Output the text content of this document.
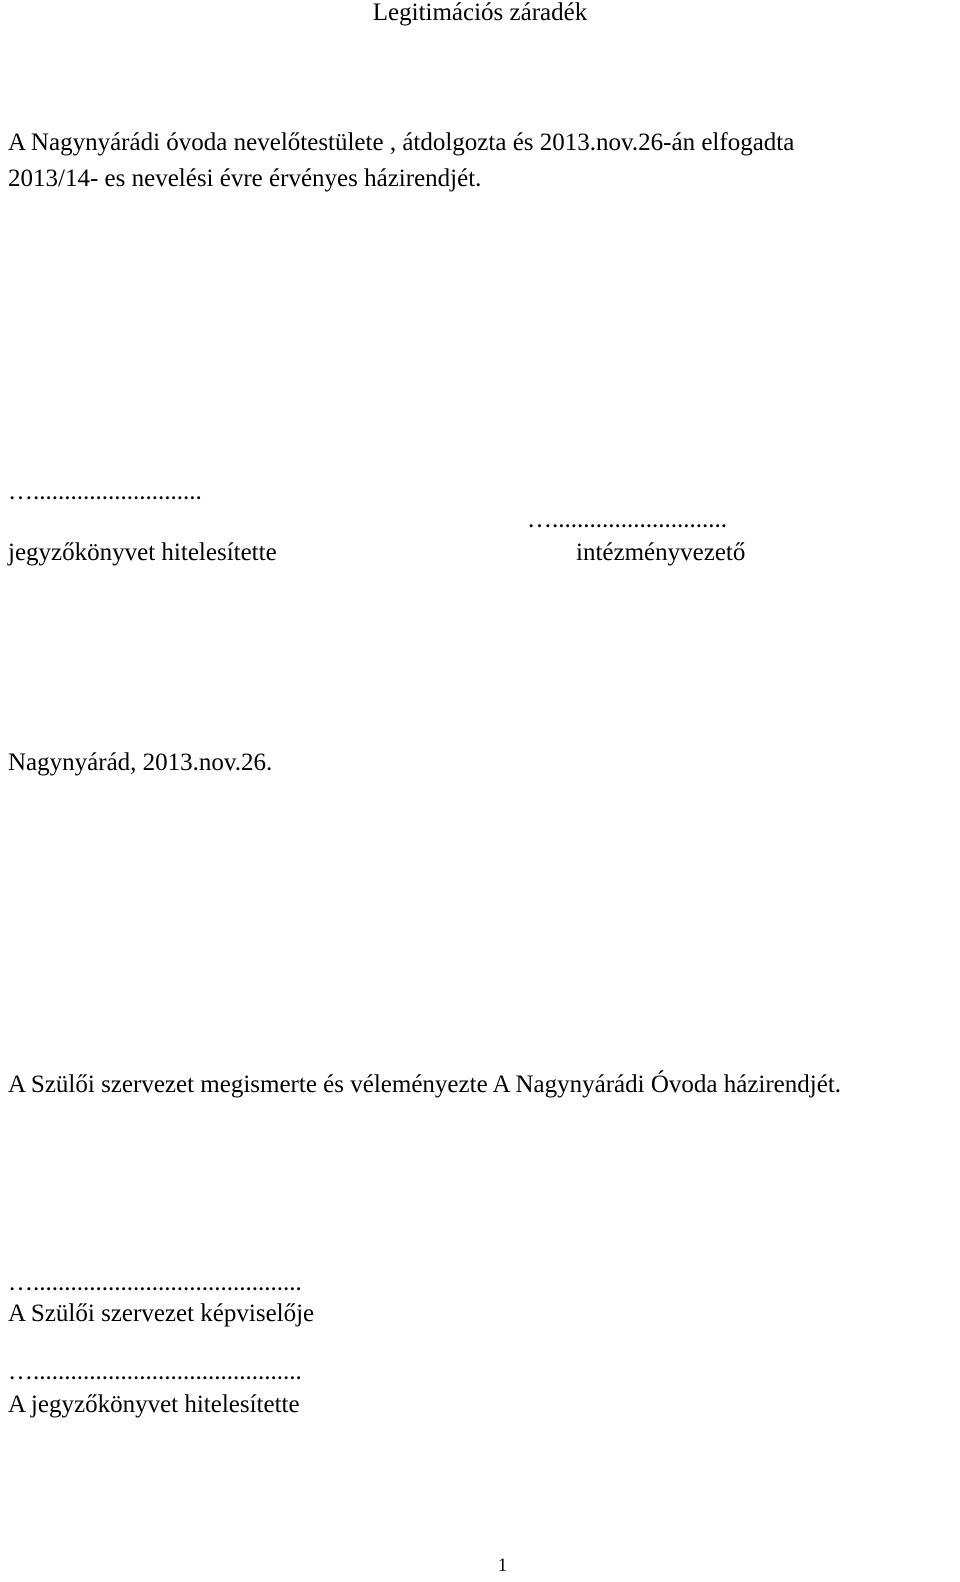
Legitimációs záradék

A Nagynyárádi óvoda nevelőtestülete , átdolgozta és 2013.nov.26-án elfogadta

2013/14- es nevelési évre érvényes házirendjét.

…...........................

jegyzőkönyvet hitelesítette

…............................

intézményvezető

Nagynyárád, 2013.nov.26.

A Szülői szervezet megismerte és véleményezte A Nagynyárádi Óvoda házirendjét.

…...........................................

A Szülői szervezet képviselője

…...........................................

A jegyzőkönyvet hitelesítette

1
